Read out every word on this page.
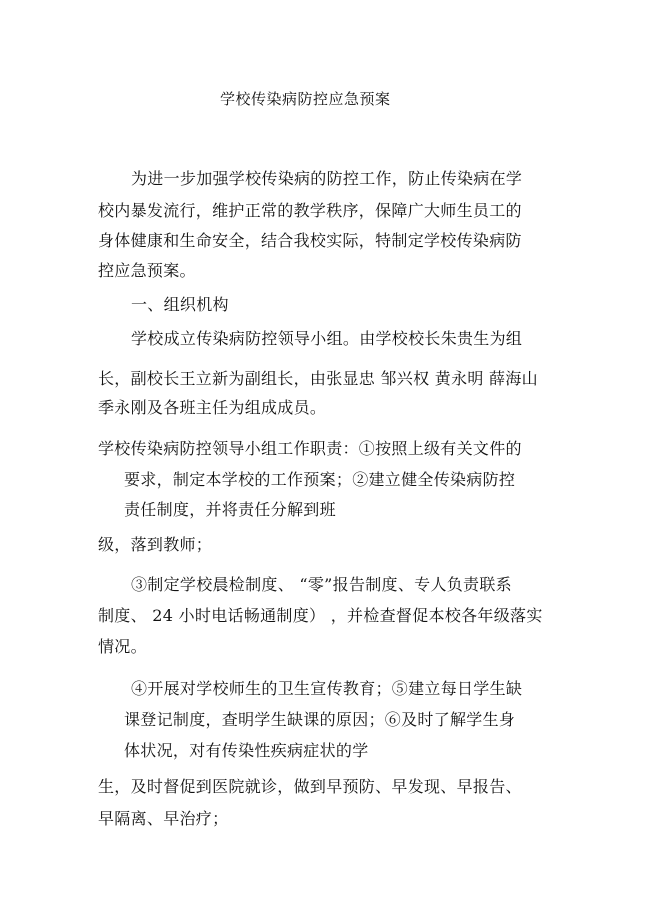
学校传染病防控应急预案
为进一步加强学校传染病的防控工作，防止传染病在学
校内暴发流行，维护正常的教学秩序，保障广大师生员工的
身体健康和生命安全，结合我校实际，特制定学校传染病防
控应急预案。
一、组织机构
学校成立传染病防控领导小组。由学校校长朱贵生为组
长，副校长王立新为副组长，由张显忠 邹兴权 黄永明 薛海山
季永刚及各班主任为组成成员。
学校传染病防控领导小组工作职责：①按照上级有关文件的
要求，制定本学校的工作预案；②建立健全传染病防控
责任制度，并将责任分解到班
级，落到教师；
③制定学校晨检制度、 “零”报告制度、专人负责联系
制度、 24 小时电话畅通制度） ，并检查督促本校各年级落实
情况。
④开展对学校师生的卫生宣传教育；⑤建立每日学生缺
课登记制度，查明学生缺课的原因；⑥及时了解学生身
体状况，对有传染性疾病症状的学
生，及时督促到医院就诊，做到早预防、早发现、早报告、
早隔离、早治疗；
